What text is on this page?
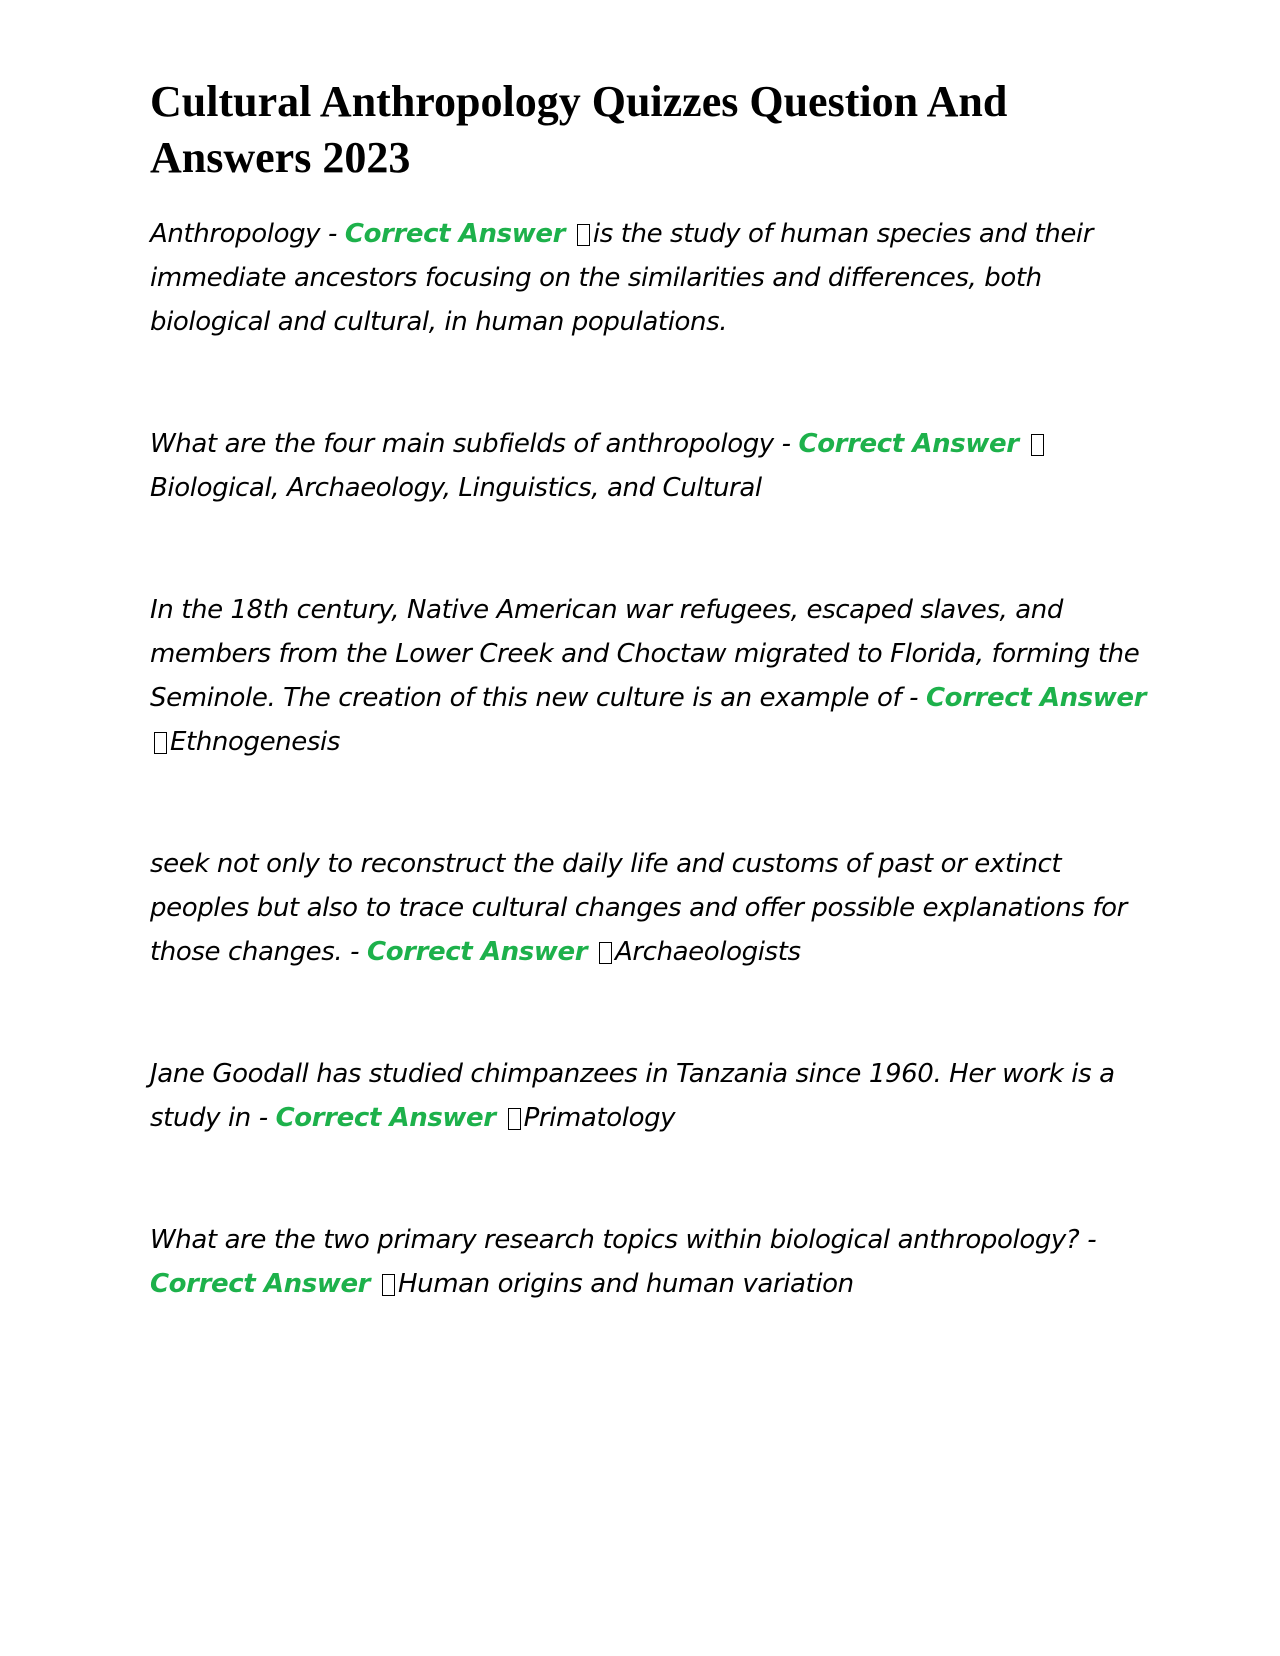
Cultural Anthropology Quizzes Question And Answers 2023

Anthropology - Correct Answer is the study of human species and their immediate ancestors focusing on the similarities and differences, both biological and cultural, in human populations.

What are the four main subfields of anthropology - Correct Answer Biological, Archaeology, Linguistics, and Cultural

In the 18th century, Native American war refugees, escaped slaves, and members from the Lower Creek and Choctaw migrated to Florida, forming the Seminole. The creation of this new culture is an example of - Correct Answer Ethnogenesis

seek not only to reconstruct the daily life and customs of past or extinct peoples but also to trace cultural changes and offer possible explanations for those changes. - Correct Answer Archaeologists

Jane Goodall has studied chimpanzees in Tanzania since 1960. Her work is a study in - Correct Answer Primatology

What are the two primary research topics within biological anthropology? - Correct Answer Human origins and human variation
